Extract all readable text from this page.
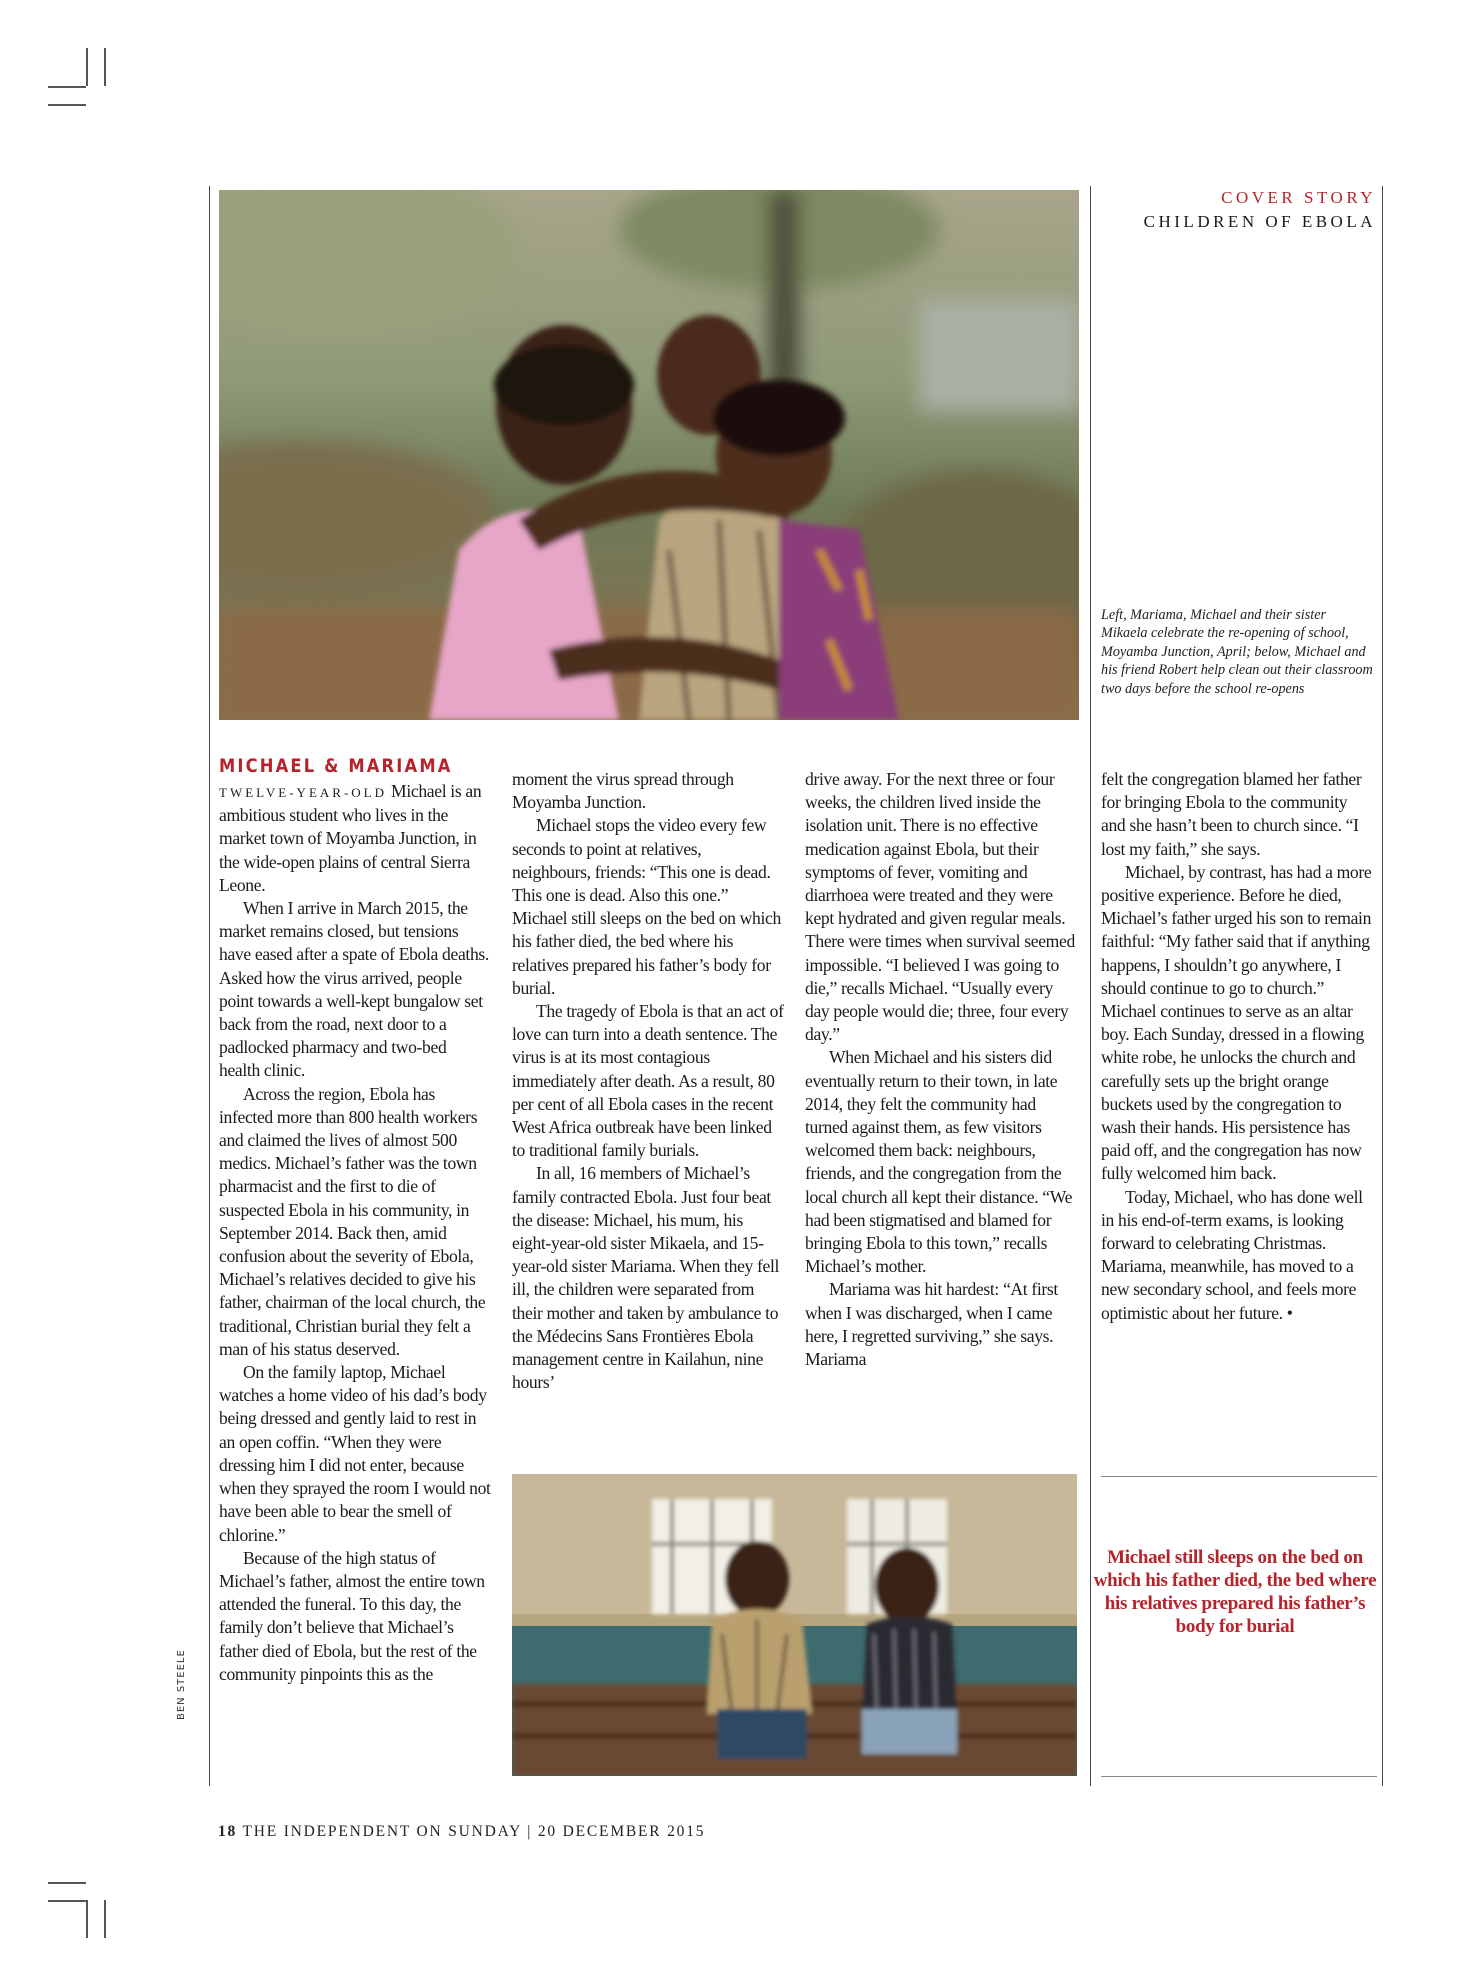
COVER STORY
CHILDREN OF EBOLA
Left, Mariama, Michael and their sister Mikaela celebrate the re-opening of school, Moyamba Junction, April; below, Michael and his friend Robert help clean out their classroom two days before the school re-opens
MICHAEL & MARIAMA

TWELVE-YEAR-OLD Michael is an ambitious student who lives in the market town of Moyamba Junction, in the wide-open plains of central Sierra Leone.

When I arrive in March 2015, the market remains closed, but tensions have eased after a spate of Ebola deaths. Asked how the virus arrived, people point towards a well-kept bungalow set back from the road, next door to a padlocked pharmacy and two-bed health clinic.

Across the region, Ebola has infected more than 800 health workers and claimed the lives of almost 500 medics. Michael’s father was the town pharmacist and the first to die of suspected Ebola in his community, in September 2014. Back then, amid confusion about the severity of Ebola, Michael’s relatives decided to give his father, chairman of the local church, the traditional, Christian burial they felt a man of his status deserved.

On the family laptop, Michael watches a home video of his dad’s body being dressed and gently laid to rest in an open coffin. “When they were dressing him I did not enter, because when they sprayed the room I would not have been able to bear the smell of chlorine.”

Because of the high status of Michael’s father, almost the entire town attended the funeral. To this day, the family don’t believe that Michael’s father died of Ebola, but the rest of the community pinpoints this as the

moment the virus spread through Moyamba Junction.

Michael stops the video every few seconds to point at relatives, neighbours, friends: “This one is dead. This one is dead. Also this one.” Michael still sleeps on the bed on which his father died, the bed where his relatives prepared his father’s body for burial.

The tragedy of Ebola is that an act of love can turn into a death sentence. The virus is at its most contagious immediately after death. As a result, 80 per cent of all Ebola cases in the recent West Africa outbreak have been linked to traditional family burials.

In all, 16 members of Michael’s family contracted Ebola. Just four beat the disease: Michael, his mum, his eight-year-old sister Mikaela, and 15-year-old sister Mariama. When they fell ill, the children were separated from their mother and taken by ambulance to the Médecins Sans Frontières Ebola management centre in Kailahun, nine hours’

drive away. For the next three or four weeks, the children lived inside the isolation unit. There is no effective medication against Ebola, but their symptoms of fever, vomiting and diarrhoea were treated and they were kept hydrated and given regular meals. There were times when survival seemed impossible. “I believed I was going to die,” recalls Michael. “Usually every day people would die; three, four every day.”

When Michael and his sisters did eventually return to their town, in late 2014, they felt the community had turned against them, as few visitors welcomed them back: neighbours, friends, and the congregation from the local church all kept their distance. “We had been stigmatised and blamed for bringing Ebola to this town,” recalls Michael’s mother.

Mariama was hit hardest: “At first when I was discharged, when I came here, I regretted surviving,” she says. Mariama

felt the congregation blamed her father for bringing Ebola to the community and she hasn’t been to church since. “I lost my faith,” she says.

Michael, by contrast, has had a more positive experience. Before he died, Michael’s father urged his son to remain faithful: “My father said that if anything happens, I shouldn’t go anywhere, I should continue to go to church.” Michael continues to serve as an altar boy. Each Sunday, dressed in a flowing white robe, he unlocks the church and carefully sets up the bright orange buckets used by the congregation to wash their hands. His persistence has paid off, and the congregation has now fully welcomed him back.

Today, Michael, who has done well in his end-of-term exams, is looking forward to celebrating Christmas. Mariama, meanwhile, has moved to a new secondary school, and feels more optimistic about her future. •

Michael still sleeps on the bed on which his father died, the bed where his relatives prepared his father’s body for burial
BEN STEELE
18 THE INDEPENDENT ON SUNDAY | 20 DECEMBER 2015
